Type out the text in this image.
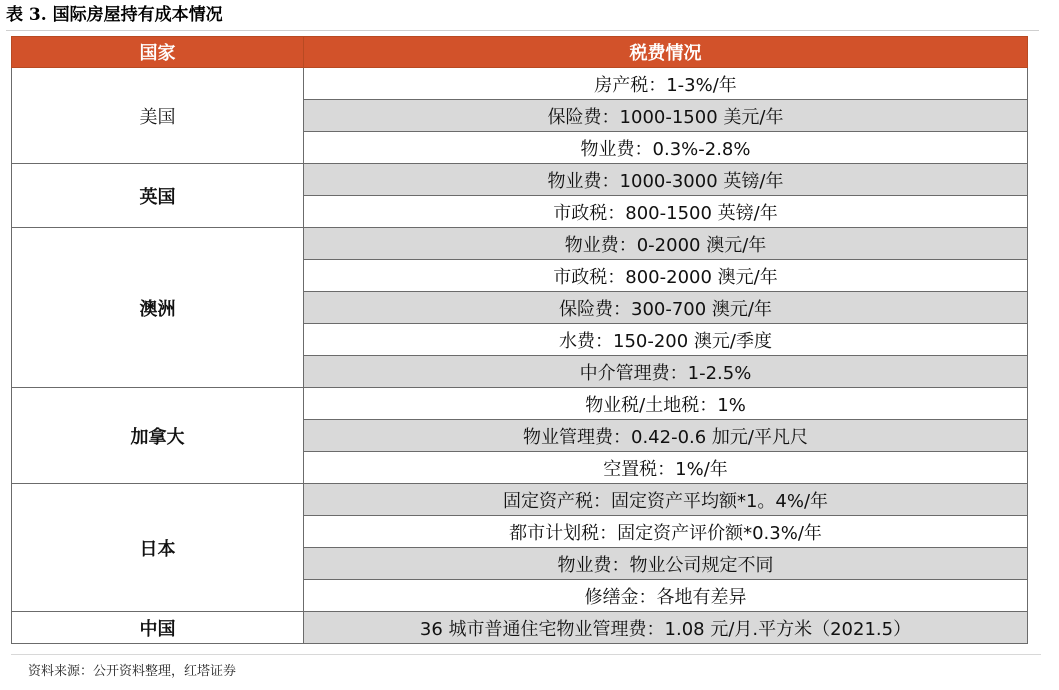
表 3. 国际房屋持有成本情况
国家	税费情况
美国	房产税：1-3%/年
	保险费：1000-1500 美元/年
	物业费：0.3%-2.8%
英国	物业费：1000-3000 英镑/年
	市政税：800-1500 英镑/年
澳洲	物业费：0-2000 澳元/年
	市政税：800-2000 澳元/年
	保险费：300-700 澳元/年
	水费：150-200 澳元/季度
	中介管理费：1-2.5%
加拿大	物业税/土地税：1%
	物业管理费：0.42-0.6 加元/平凡尺
	空置税：1%/年
日本	固定资产税：固定资产平均额*1。4%/年
	都市计划税：固定资产评价额*0.3%/年
	物业费：物业公司规定不同
	修缮金：各地有差异
中国	36 城市普通住宅物业管理费：1.08 元/月.平方米（2021.5）
资料来源：公开资料整理，红塔证券
